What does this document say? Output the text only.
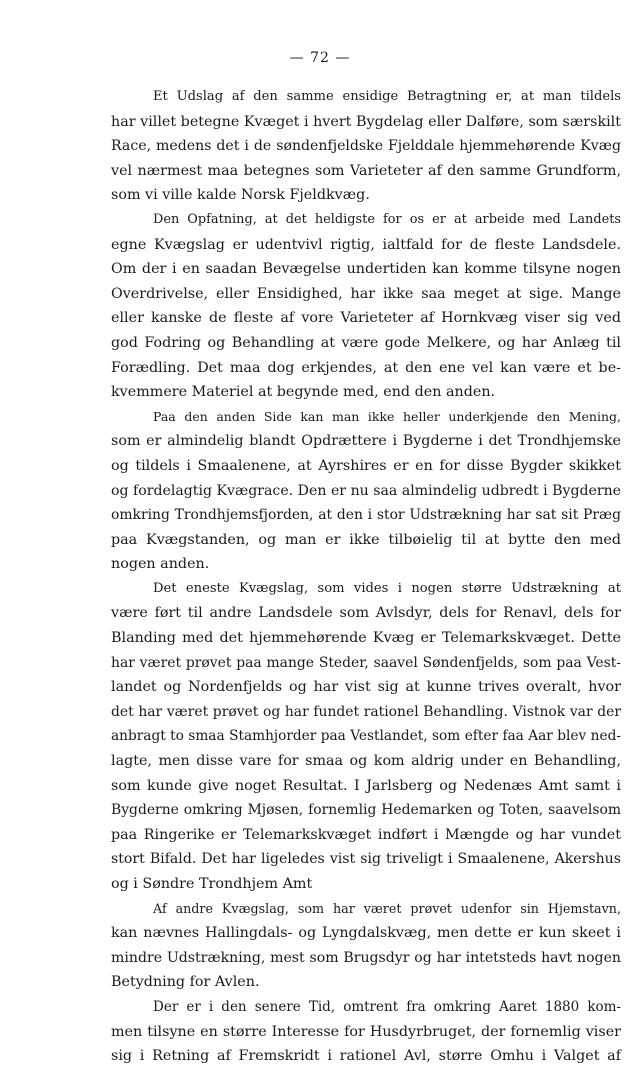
— 72 —
Et Udslag af den samme ensidige Betragtning er, at man tildels
har villet betegne Kvæget i hvert Bygdelag eller Dalføre, som særskilt
Race, medens det i de søndenfjeldske Fjelddale hjemmehørende Kvæg
vel nærmest maa betegnes som Varieteter af den samme Grundform,
som vi ville kalde Norsk Fjeldkvæg.
Den Opfatning, at det heldigste for os er at arbeide med Landets
egne Kvægslag er udentvivl rigtig, ialtfald for de fleste Landsdele.
Om der i en saadan Bevægelse undertiden kan komme tilsyne nogen
Overdrivelse, eller Ensidighed, har ikke saa meget at sige. Mange
eller kanske de fleste af vore Varieteter af Hornkvæg viser sig ved
god Fodring og Behandling at være gode Melkere, og har Anlæg til
Forædling. Det maa dog erkjendes, at den ene vel kan være et be-
kvemmere Materiel at begynde med, end den anden.
Paa den anden Side kan man ikke heller underkjende den Mening,
som er almindelig blandt Opdrættere i Bygderne i det Trondhjemske
og tildels i Smaalenene, at Ayrshires er en for disse Bygder skikket
og fordelagtig Kvægrace. Den er nu saa almindelig udbredt i Bygderne
omkring Trondhjemsfjorden, at den i stor Udstrækning har sat sit Præg
paa Kvægstanden, og man er ikke tilbøielig til at bytte den med
nogen anden.
Det eneste Kvægslag, som vides i nogen større Udstrækning at
være ført til andre Landsdele som Avlsdyr, dels for Renavl, dels for
Blanding med det hjemmehørende Kvæg er Telemarkskvæget. Dette
har været prøvet paa mange Steder, saavel Søndenfjelds, som paa Vest-
landet og Nordenfjelds og har vist sig at kunne trives overalt, hvor
det har været prøvet og har fundet rationel Behandling. Vistnok var der
anbragt to smaa Stamhjorder paa Vestlandet, som efter faa Aar blev ned-
lagte, men disse vare for smaa og kom aldrig under en Behandling,
som kunde give noget Resultat. I Jarlsberg og Nedenæs Amt samt i
Bygderne omkring Mjøsen, fornemlig Hedemarken og Toten, saavelsom
paa Ringerike er Telemarkskvæget indført i Mængde og har vundet
stort Bifald. Det har ligeledes vist sig triveligt i Smaalenene, Akershus
og i Søndre Trondhjem Amt
Af andre Kvægslag, som har været prøvet udenfor sin Hjemstavn,
kan nævnes Hallingdals- og Lyngdalskvæg, men dette er kun skeet i
mindre Udstrækning, mest som Brugsdyr og har intetsteds havt nogen
Betydning for Avlen.
Der er i den senere Tid, omtrent fra omkring Aaret 1880 kom-
men tilsyne en større Interesse for Husdyrbruget, der fornemlig viser
sig i Retning af Fremskridt i rationel Avl, større Omhu i Valget af
